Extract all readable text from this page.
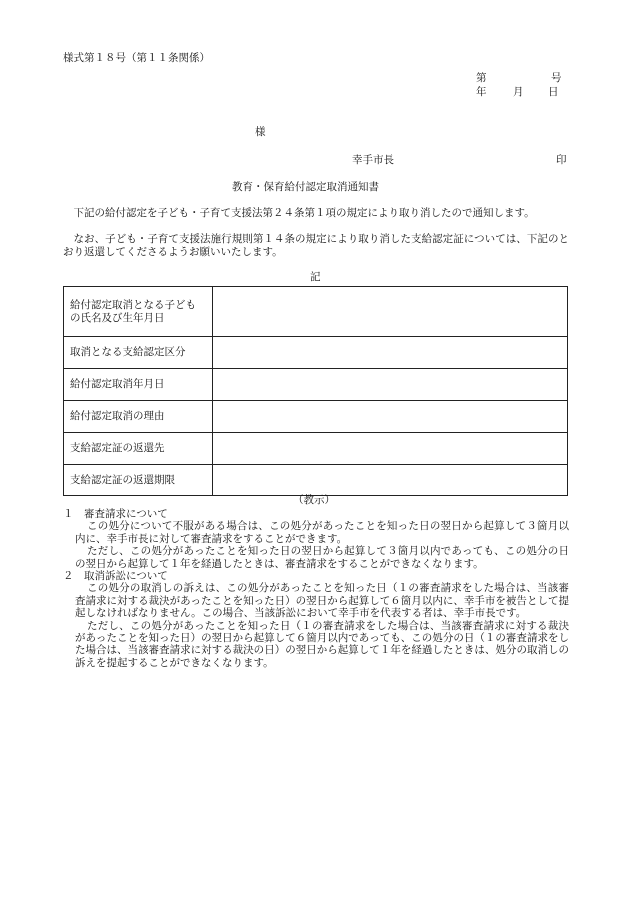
様式第１８号（第１１条関係）
第	号
年	月 日
様
幸手市長	印
教育・保育給付認定取消通知書
下記の給付認定を子ども・子育て支援法第２４条第１項の規定により取り消したので通知します。
なお、子ども・子育て支援法施行規則第１４条の規定により取り消した支給認定証については、下記のとおり返還してくださるようお願いいたします。
記
給付認定取消となる子どもの氏名及び生年月日	
取消となる支給認定区分	
給付認定取消年月日	
給付認定取消の理由	
支給認定証の返還先	
支給認定証の返還期限	
（教示）
１　審査請求について
この処分について不服がある場合は、この処分があったことを知った日の翌日から起算して３箇月以内に、幸手市長に対して審査請求をすることができます。
ただし、この処分があったことを知った日の翌日から起算して３箇月以内であっても、この処分の日の翌日から起算して１年を経過したときは、審査請求をすることができなくなります。
２　取消訴訟について
この処分の取消しの訴えは、この処分があったことを知った日（１の審査請求をした場合は、当該審査請求に対する裁決があったことを知った日）の翌日から起算して６箇月以内に、幸手市を被告として提起しなければなりません。この場合、当該訴訟において幸手市を代表する者は、幸手市長です。
ただし、この処分があったことを知った日（１の審査請求をした場合は、当該審査請求に対する裁決があったことを知った日）の翌日から起算して６箇月以内であっても、この処分の日（１の審査請求をした場合は、当該審査請求に対する裁決の日）の翌日から起算して１年を経過したときは、処分の取消しの訴えを提起することができなくなります。
